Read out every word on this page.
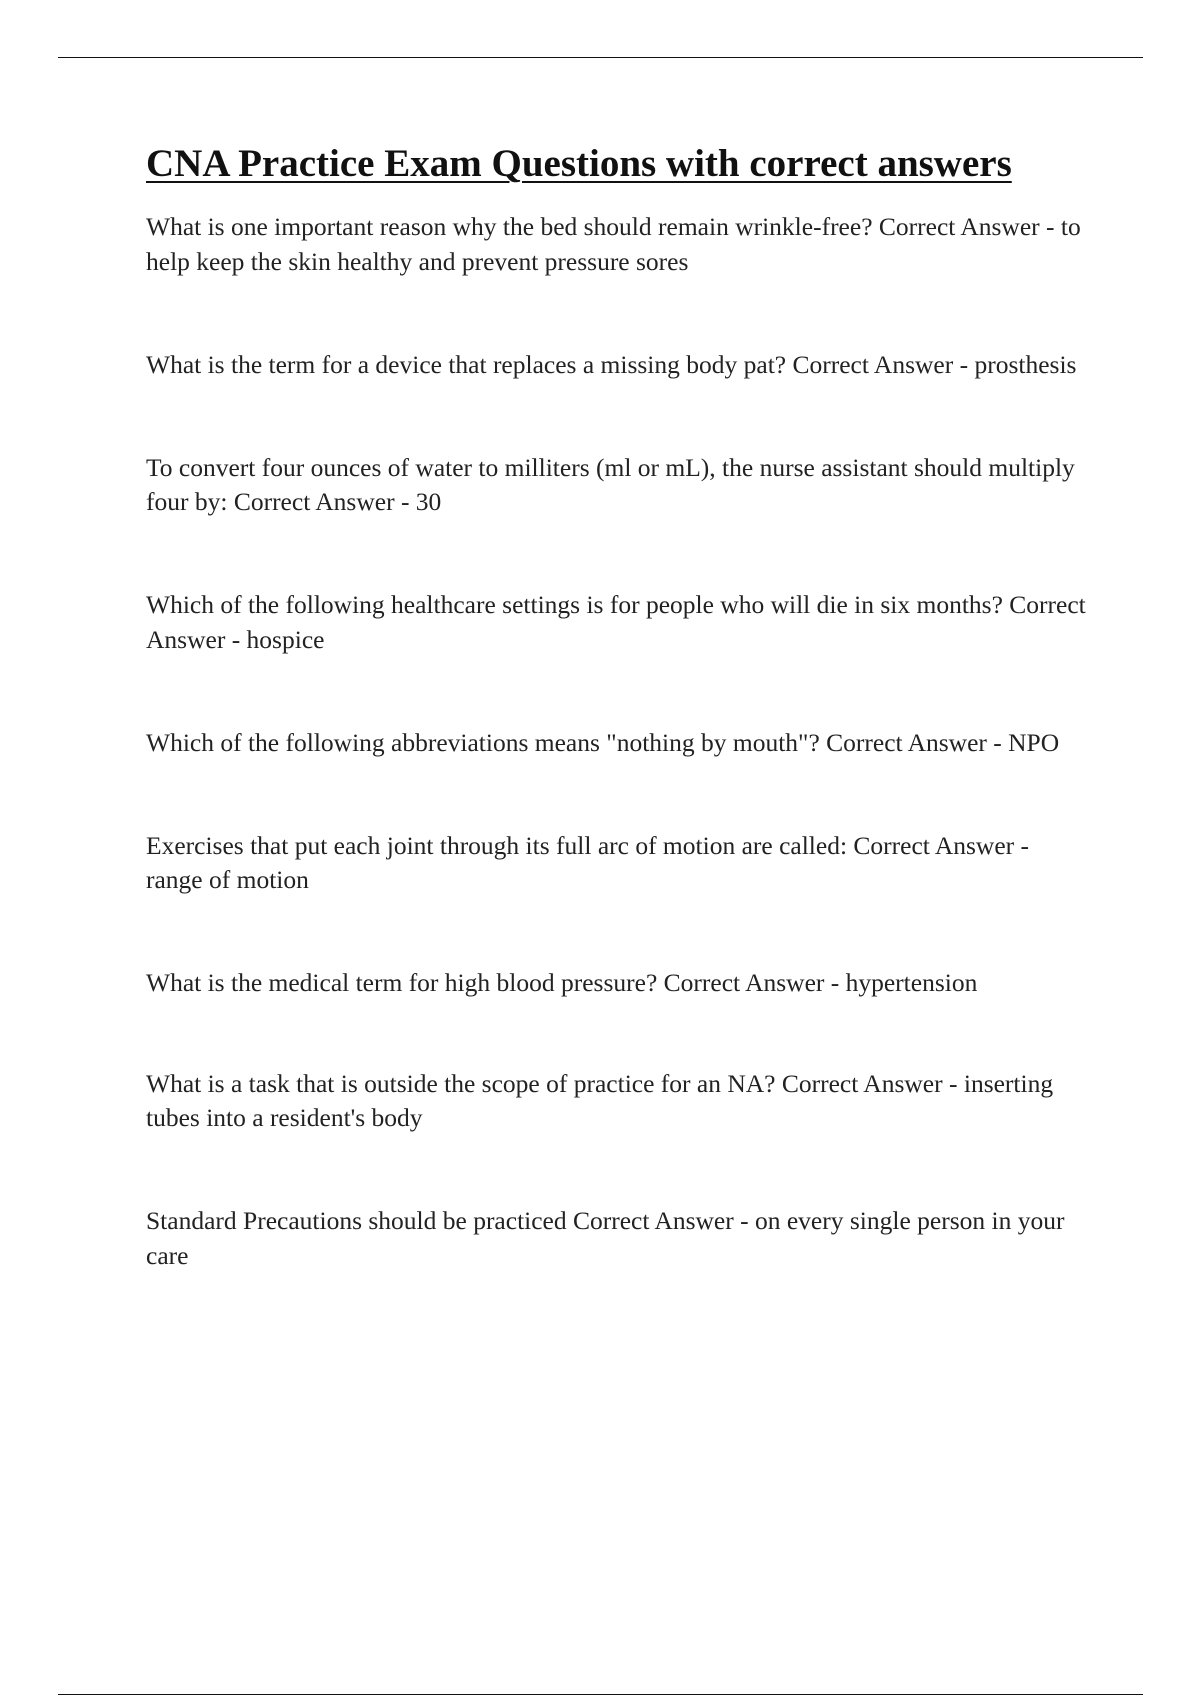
CNA Practice Exam Questions with correct answers

What is one important reason why the bed should remain wrinkle-free? Correct Answer - to help keep the skin healthy and prevent pressure sores

What is the term for a device that replaces a missing body pat? Correct Answer - prosthesis

To convert four ounces of water to milliters (ml or mL), the nurse assistant should multiply four by: Correct Answer - 30

Which of the following healthcare settings is for people who will die in six months? Correct Answer - hospice

Which of the following abbreviations means "nothing by mouth"? Correct Answer - NPO

Exercises that put each joint through its full arc of motion are called: Correct Answer - range of motion

What is the medical term for high blood pressure? Correct Answer - hypertension

What is a task that is outside the scope of practice for an NA? Correct Answer - inserting tubes into a resident's body

Standard Precautions should be practiced Correct Answer - on every single person in your care
